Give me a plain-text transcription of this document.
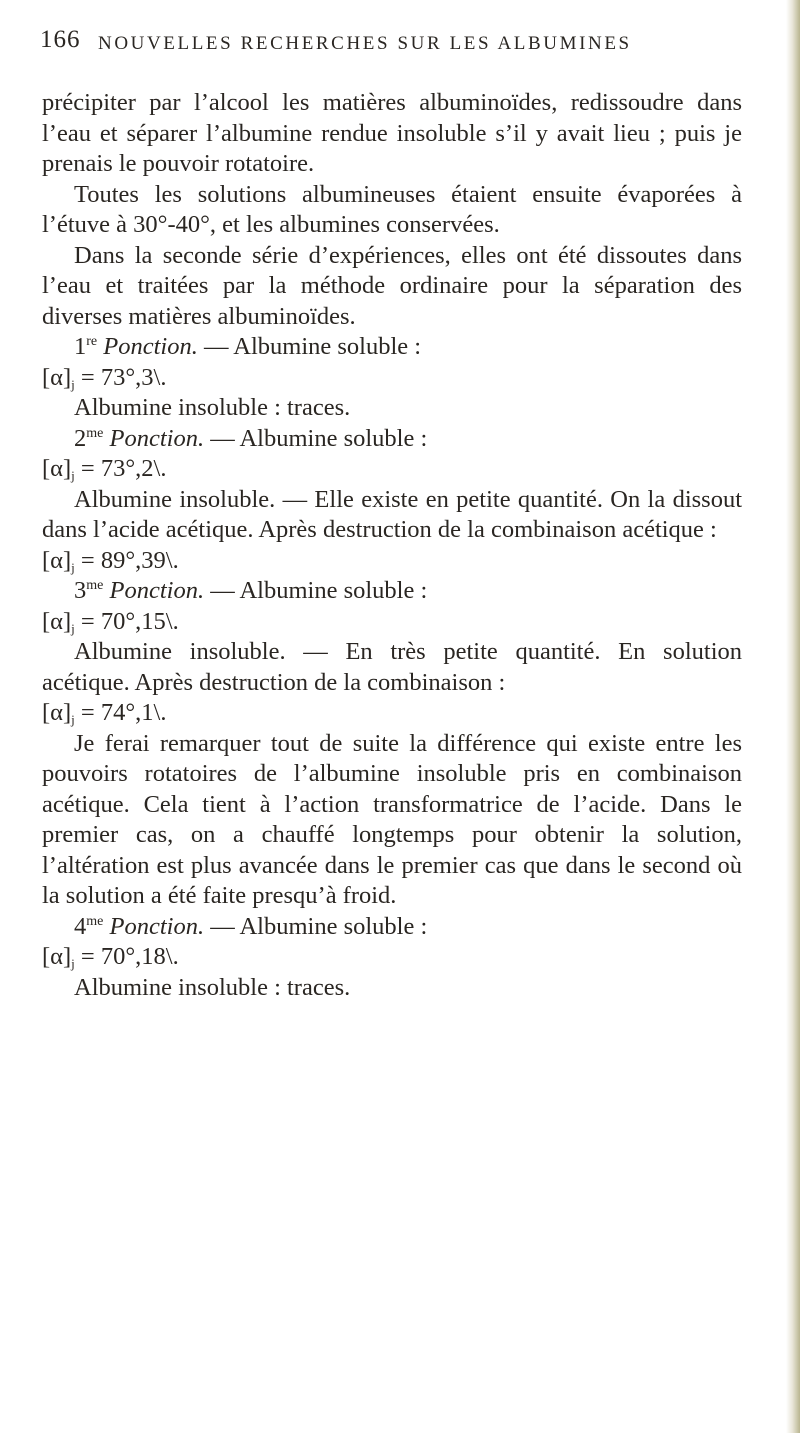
166 NOUVELLES RECHERCHES SUR LES ALBUMINES

précipiter par l’alcool les matières albuminoïdes, redissoudre dans l’eau et séparer l’albumine rendue insoluble s’il y avait lieu ; puis je prenais le pouvoir rotatoire.

Toutes les solutions albumineuses étaient ensuite évaporées à l’étuve à 30°-40°, et les albumines conservées.

Dans la seconde série d’expériences, elles ont été dissoutes dans l’eau et traitées par la méthode ordinaire pour la séparation des diverses matières albuminoïdes.

1re Ponction. — Albumine soluble :

$[\alpha]_j$ = 73°,3\.

Albumine insoluble : traces.

$2^{me}$ Ponction. — Albumine soluble :

$[\alpha]_j$ = 73°,2\.

Albumine insoluble. — Elle existe en petite quantité. On la dissout dans l’acide acétique. Après destruction de la combinaison acétique :

$[\alpha]_j$ = 89°,39\.

$3^{me}$ Ponction. — Albumine soluble :

$[\alpha]_j$ = 70°,15\.

Albumine insoluble. — En très petite quantité. En solution acétique. Après destruction de la combinaison :

$[\alpha]_j$ = 74°,1\.

Je ferai remarquer tout de suite la différence qui existe entre les pouvoirs rotatoires de l’albumine insoluble pris en combinaison acétique. Cela tient à l’action transformatrice de l’acide. Dans le premier cas, on a chauffé longtemps pour obtenir la solution, l’altération est plus avancée dans le premier cas que dans le second où la solution a été faite presqu’à froid.

$4^{me}$ Ponction. — Albumine soluble :

$[\alpha]_j$ = 70°,18\.

Albumine insoluble : traces.
